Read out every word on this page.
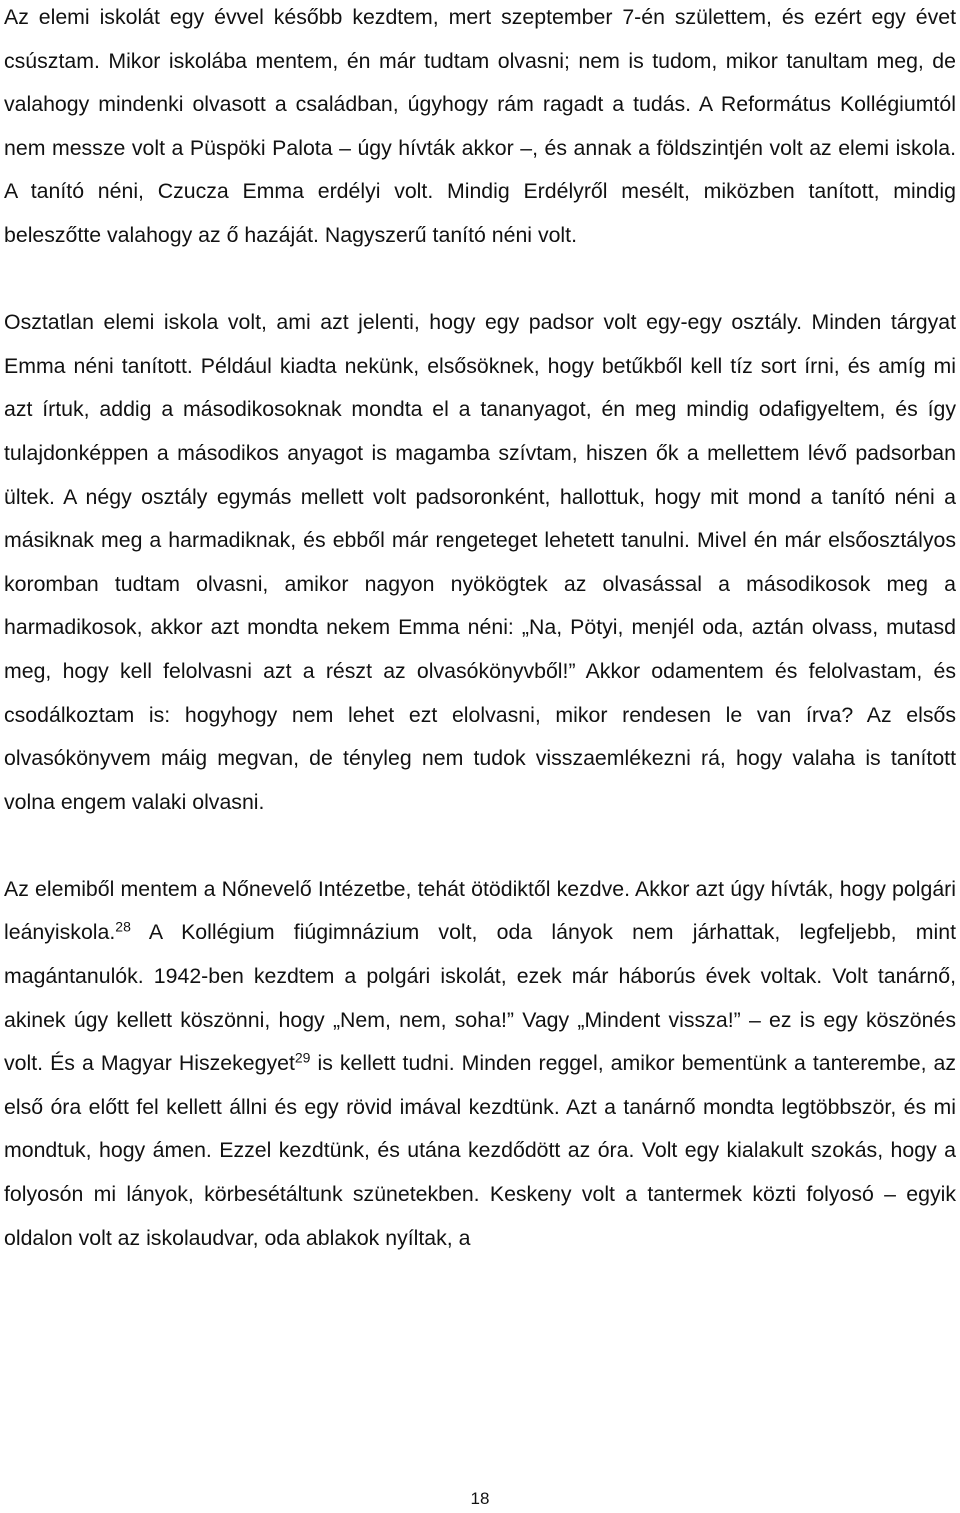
Az elemi iskolát egy évvel később kezdtem, mert szeptember 7-én születtem, és ezért egy évet csúsztam. Mikor iskolába mentem, én már tudtam olvasni; nem is tudom, mikor tanultam meg, de valahogy mindenki olvasott a családban, úgyhogy rám ragadt a tudás. A Református Kollégiumtól nem messze volt a Püspöki Palota – úgy hívták akkor –, és annak a földszintjén volt az elemi iskola. A tanító néni, Czucza Emma erdélyi volt. Mindig Erdélyről mesélt, miközben tanított, mindig beleszőtte valahogy az ő hazáját. Nagyszerű tanító néni volt.

Osztatlan elemi iskola volt, ami azt jelenti, hogy egy padsor volt egy-egy osztály. Minden tárgyat Emma néni tanított. Például kiadta nekünk, elsősöknek, hogy betűkből kell tíz sort írni, és amíg mi azt írtuk, addig a másodikosoknak mondta el a tananyagot, én meg mindig odafigyeltem, és így tulajdonképpen a másodikos anyagot is magamba szívtam, hiszen ők a mellettem lévő padsorban ültek. A négy osztály egymás mellett volt padsoronként, hallottuk, hogy mit mond a tanító néni a másiknak meg a harmadiknak, és ebből már rengeteget lehetett tanulni. Mivel én már elsőosztályos koromban tudtam olvasni, amikor nagyon nyökögtek az olvasással a másodikosok meg a harmadikosok, akkor azt mondta nekem Emma néni: „Na, Pötyi, menjél oda, aztán olvass, mutasd meg, hogy kell felolvasni azt a részt az olvasókönyvből!” Akkor odamentem és felolvastam, és csodálkoztam is: hogyhogy nem lehet ezt elolvasni, mikor rendesen le van írva? Az elsős olvasókönyvem máig megvan, de tényleg nem tudok visszaemlékezni rá, hogy valaha is tanított volna engem valaki olvasni.

Az elemiből mentem a Nőnevelő Intézetbe, tehát ötödiktől kezdve. Akkor azt úgy hívták, hogy polgári leányiskola.$^{28}$ A Kollégium fiúgimnázium volt, oda lányok nem járhattak, legfeljebb, mint magántanulók. 1942-ben kezdtem a polgári iskolát, ezek már háborús évek voltak. Volt tanárnő, akinek úgy kellett köszönni, hogy „Nem, nem, soha!” Vagy „Mindent vissza!” – ez is egy köszönés volt. És a Magyar Hiszekegyet$^{29}$ is kellett tudni. Minden reggel, amikor bementünk a tanterembe, az első óra előtt fel kellett állni és egy rövid imával kezdtünk. Azt a tanárnő mondta legtöbbször, és mi mondtuk, hogy ámen. Ezzel kezdtünk, és utána kezdődött az óra. Volt egy kialakult szokás, hogy a folyosón mi lányok, körbesétáltunk szünetekben. Keskeny volt a tantermek közti folyosó – egyik oldalon volt az iskolaudvar, oda ablakok nyíltak, a

18
